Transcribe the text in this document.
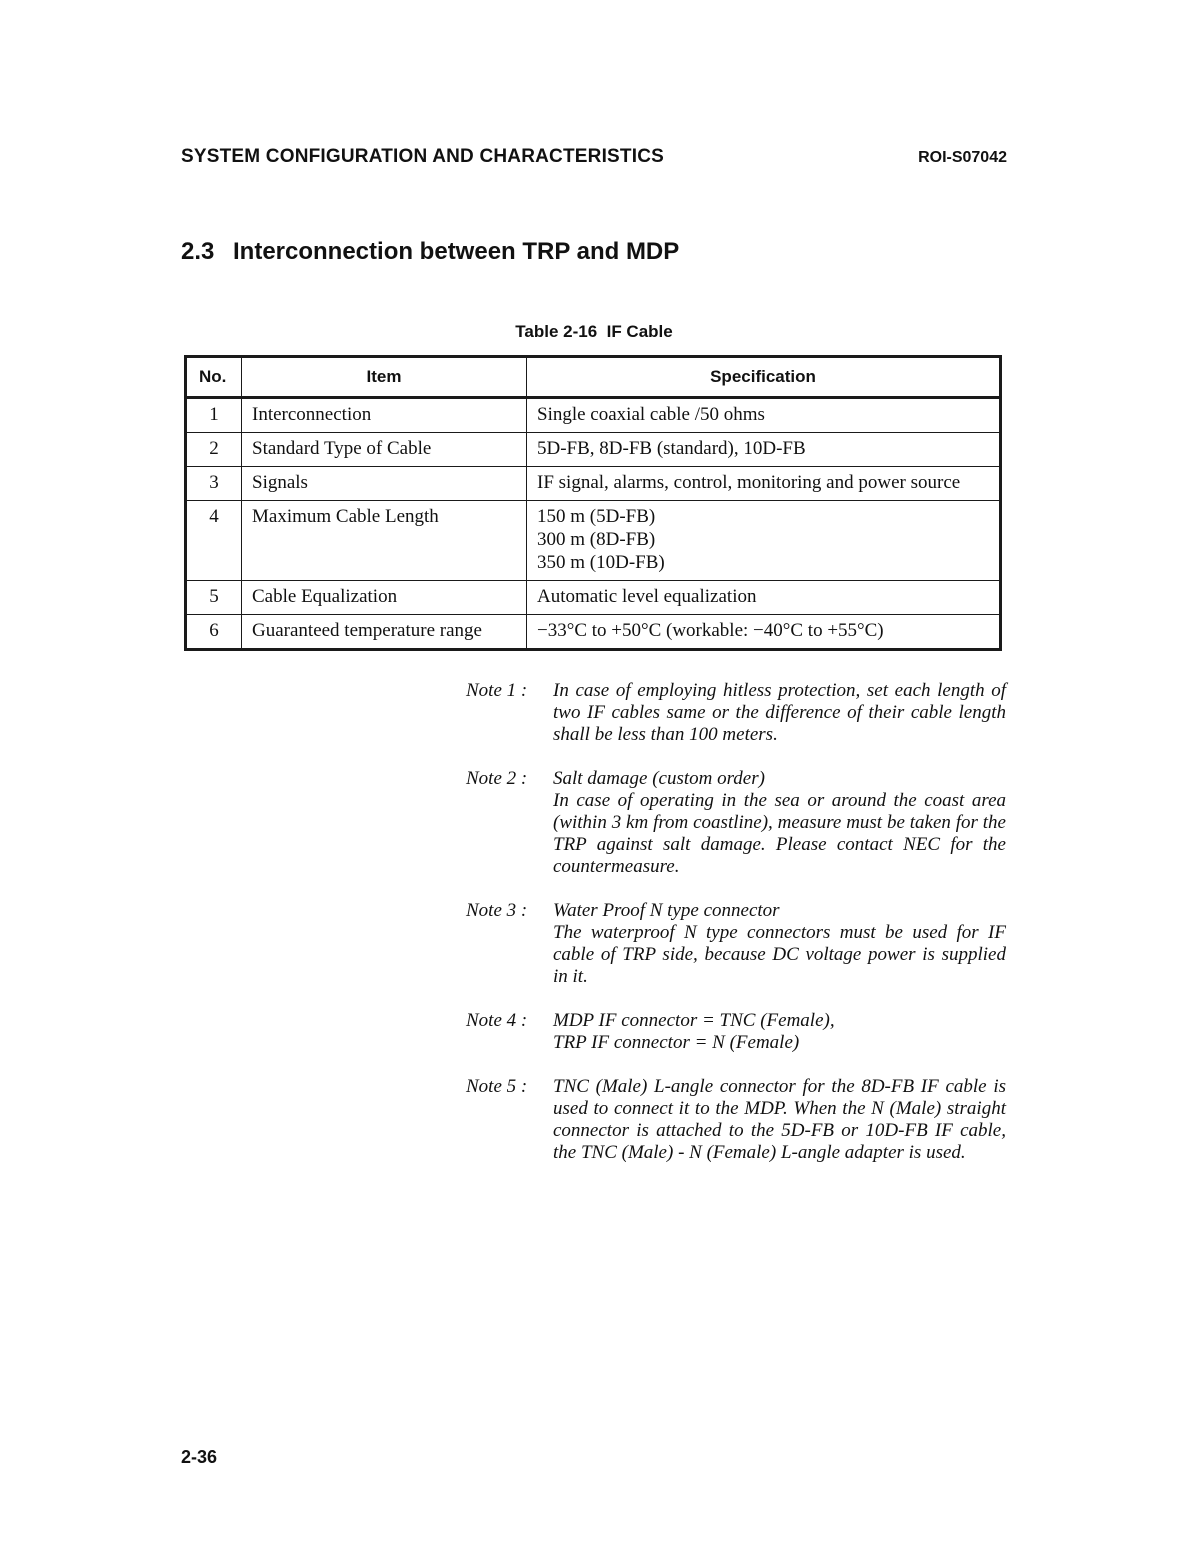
SYSTEM CONFIGURATION AND CHARACTERISTICS	ROI-S07042
2.3 Interconnection between TRP and MDP
Table 2-16  IF Cable
No.	Item	Specification
1	Interconnection	Single coaxial cable /50 ohms

2	Standard Type of Cable	5D-FB, 8D-FB (standard), 10D-FB

3	Signals	IF signal, alarms, control, monitoring and power source

4	Maximum Cable Length	150 m (5D-FB)
300 m (8D-FB)
350 m (10D-FB)

5	Cable Equalization	Automatic level equalization

6	Guaranteed temperature range	−33°C to +50°C (workable: −40°C to +55°C)
Note 1 :	In case of employing hitless protection, set each length of two IF cables same or the difference of their cable length shall be less than 100 meters.
Note 2 :	Salt damage (custom order)
In case of operating in the sea or around the coast area (within 3 km from coastline), measure must be taken for the TRP against salt damage. Please contact NEC for the countermeasure.
Note 3 :	Water Proof N type connector
The waterproof N type connectors must be used for IF cable of TRP side, because DC voltage power is supplied in it.
Note 4 :	MDP IF connector = TNC (Female),
TRP IF connector = N (Female)
Note 5 :	TNC (Male) L-angle connector for the 8D-FB IF cable is used to connect it to the MDP. When the N (Male) straight connector is attached to the 5D-FB or 10D-FB IF cable, the TNC (Male) - N (Female) L-angle adapter is used.
2-36
